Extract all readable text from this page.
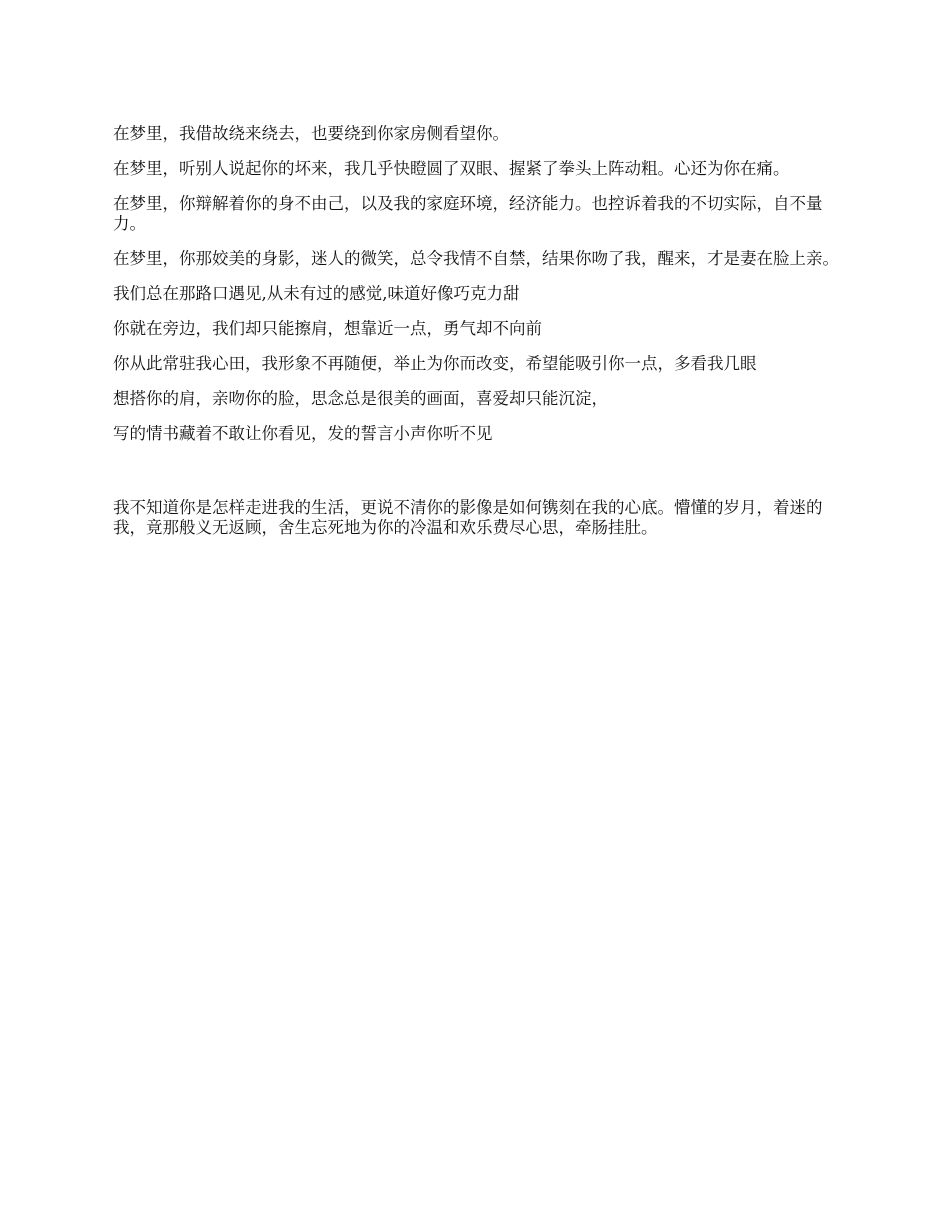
在梦里，我借故绕来绕去，也要绕到你家房侧看望你。

在梦里，听别人说起你的坏来，我几乎快瞪圆了双眼、握紧了拳头上阵动粗。心还为你在痛。

在梦里，你辩解着你的身不由己，以及我的家庭环境，经济能力。也控诉着我的不切实际，自不量力。

在梦里，你那姣美的身影，迷人的微笑，总令我情不自禁，结果你吻了我，醒来，才是妻在脸上亲。

我们总在那路口遇见,从未有过的感觉,味道好像巧克力甜

你就在旁边，我们却只能擦肩，想靠近一点，勇气却不向前

你从此常驻我心田，我形象不再随便，举止为你而改变，希望能吸引你一点，多看我几眼

想搭你的肩，亲吻你的脸，思念总是很美的画面，喜爱却只能沉淀，

写的情书藏着不敢让你看见，发的誓言小声你听不见

我不知道你是怎样走进我的生活，更说不清你的影像是如何镌刻在我的心底。懵懂的岁月，着迷的我，竟那般义无返顾，舍生忘死地为你的冷温和欢乐费尽心思，牵肠挂肚。
